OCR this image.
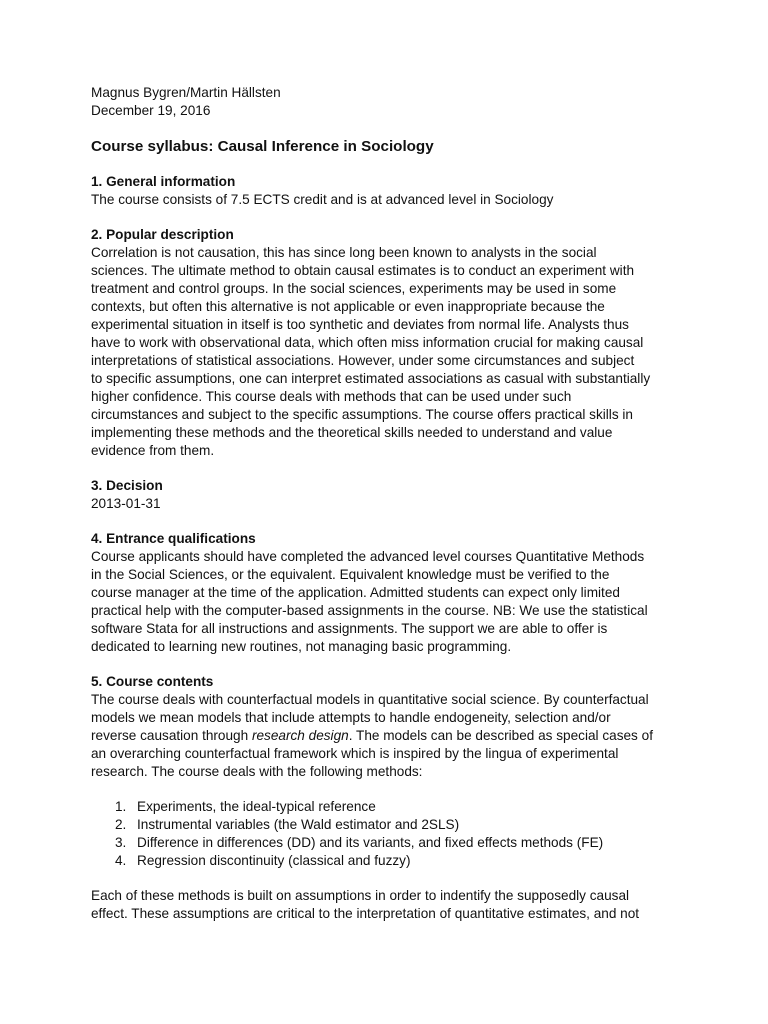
Magnus Bygren/Martin Hällsten
December 19, 2016
Course syllabus: Causal Inference in Sociology
1. General information
The course consists of 7.5 ECTS credit and is at advanced level in Sociology
2. Popular description
Correlation is not causation, this has since long been known to analysts in the social
sciences. The ultimate method to obtain causal estimates is to conduct an experiment with
treatment and control groups. In the social sciences, experiments may be used in some
contexts, but often this alternative is not applicable or even inappropriate because the
experimental situation in itself is too synthetic and deviates from normal life. Analysts thus
have to work with observational data, which often miss information crucial for making causal
interpretations of statistical associations. However, under some circumstances and subject
to specific assumptions, one can interpret estimated associations as casual with substantially
higher confidence. This course deals with methods that can be used under such
circumstances and subject to the specific assumptions. The course offers practical skills in
implementing these methods and the theoretical skills needed to understand and value
evidence from them.
3. Decision
2013-01-31
4. Entrance qualifications
Course applicants should have completed the advanced level courses Quantitative Methods
in the Social Sciences, or the equivalent. Equivalent knowledge must be verified to the
course manager at the time of the application. Admitted students can expect only limited
practical help with the computer-based assignments in the course. NB: We use the statistical
software Stata for all instructions and assignments. The support we are able to offer is
dedicated to learning new routines, not managing basic programming.
5. Course contents
The course deals with counterfactual models in quantitative social science. By counterfactual
models we mean models that include attempts to handle endogeneity, selection and/or
reverse causation through research design. The models can be described as special cases of
an overarching counterfactual framework which is inspired by the lingua of experimental
research. The course deals with the following methods:
1. Experiments, the ideal-typical reference
2. Instrumental variables (the Wald estimator and 2SLS)
3. Difference in differences (DD) and its variants, and fixed effects methods (FE)
4. Regression discontinuity (classical and fuzzy)
Each of these methods is built on assumptions in order to indentify the supposedly causal
effect. These assumptions are critical to the interpretation of quantitative estimates, and not
